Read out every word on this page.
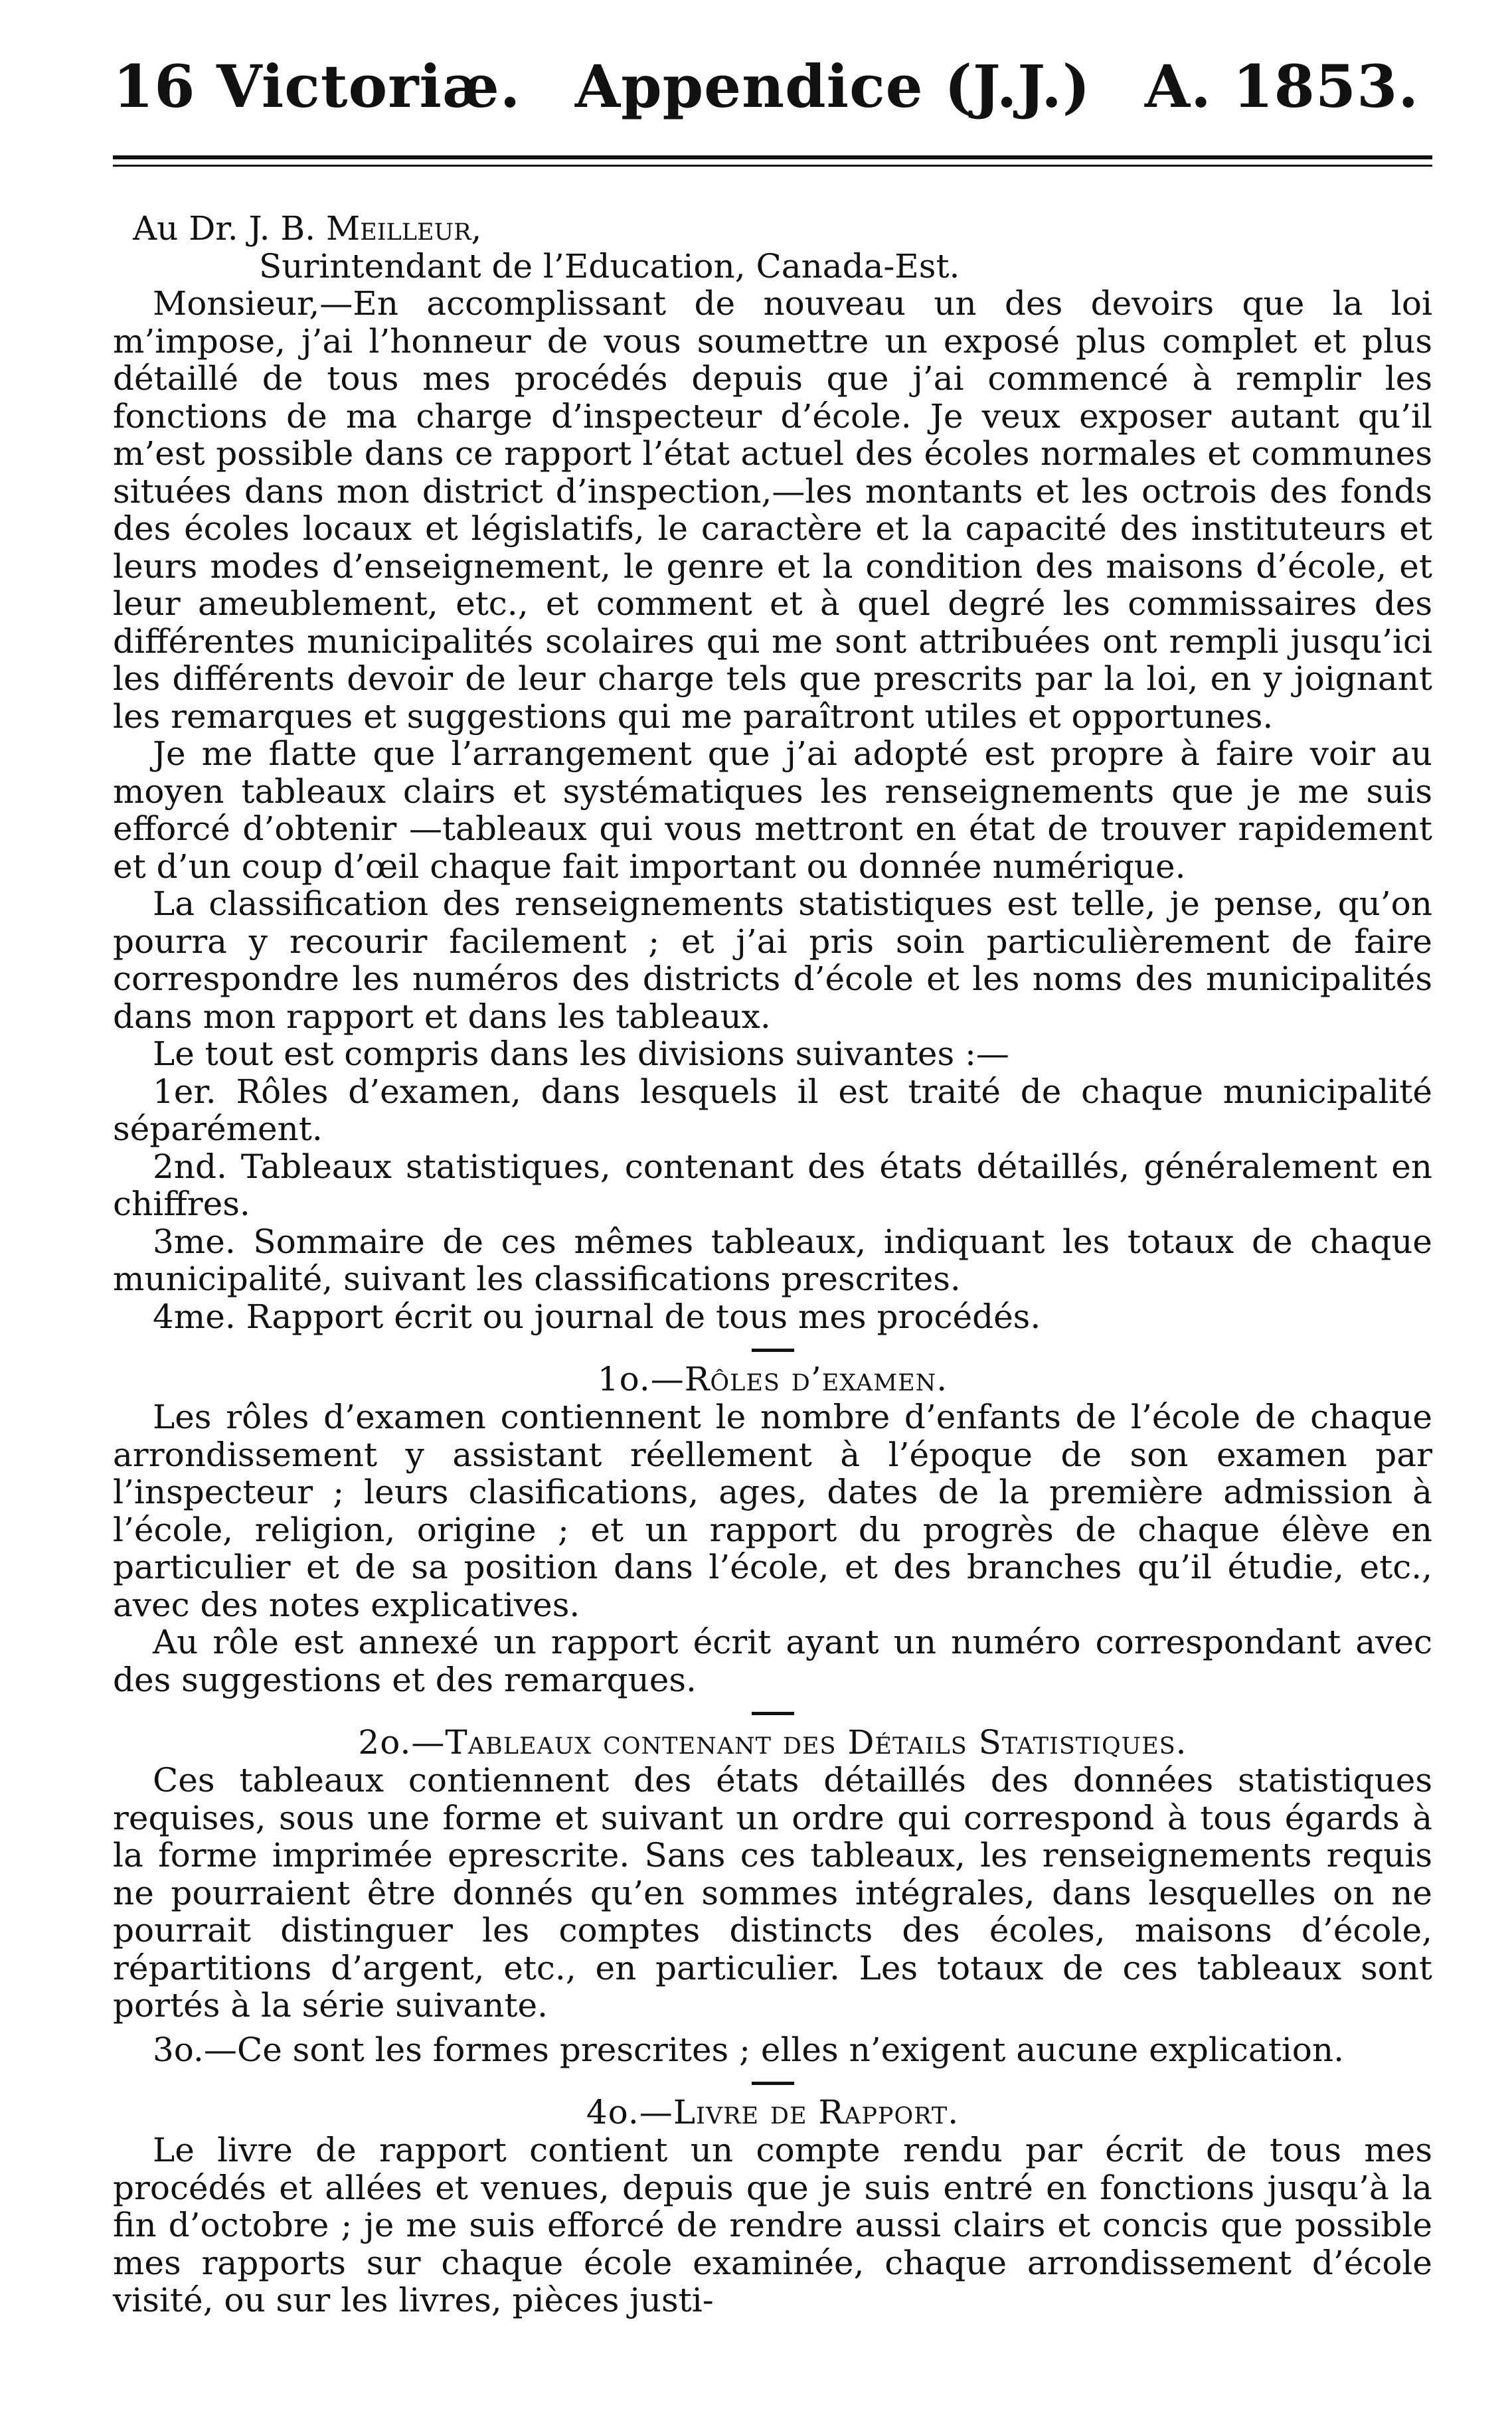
16 Victoriæ. Appendice (J.J.) A. 1853.
Au Dr. J. B. Meilleur,
Surintendant de l’Education, Canada-Est.

Monsieur,—En accomplissant de nouveau un des devoirs que la loi m’impose, j’ai l’honneur de vous soumettre un exposé plus complet et plus détaillé de tous mes procédés depuis que j’ai commencé à remplir les fonctions de ma charge d’inspecteur d’école. Je veux exposer autant qu’il m’est possible dans ce rapport l’état actuel des écoles normales et communes situées dans mon district d’inspection,—les montants et les octrois des fonds des écoles locaux et législatifs, le caractère et la capacité des instituteurs et leurs modes d’enseignement, le genre et la condition des maisons d’école, et leur ameublement, etc., et comment et à quel degré les commissaires des différentes municipalités scolaires qui me sont attribuées ont rempli jusqu’ici les différents devoir de leur charge tels que prescrits par la loi, en y joignant les remarques et suggestions qui me paraîtront utiles et opportunes.

Je me flatte que l’arrangement que j’ai adopté est propre à faire voir au moyen tableaux clairs et systématiques les renseignements que je me suis efforcé d’obtenir —tableaux qui vous mettront en état de trouver rapidement et d’un coup d’œil chaque fait important ou donnée numérique.

La classification des renseignements statistiques est telle, je pense, qu’on pourra y recourir facilement ; et j’ai pris soin particulièrement de faire correspondre les numéros des districts d’école et les noms des municipalités dans mon rapport et dans les tableaux.

Le tout est compris dans les divisions suivantes :—

1er. Rôles d’examen, dans lesquels il est traité de chaque municipalité séparément.

2nd. Tableaux statistiques, contenant des états détaillés, généralement en chiffres.

3me. Sommaire de ces mêmes tableaux, indiquant les totaux de chaque municipalité, suivant les classifications prescrites.

4me. Rapport écrit ou journal de tous mes procédés.

1o.—Rôles d’examen.

Les rôles d’examen contiennent le nombre d’enfants de l’école de chaque arrondissement y assistant réellement à l’époque de son examen par l’inspecteur ; leurs clasifications, ages, dates de la première admission à l’école, religion, origine ; et un rapport du progrès de chaque élève en particulier et de sa position dans l’école, et des branches qu’il étudie, etc., avec des notes explicatives.

Au rôle est annexé un rapport écrit ayant un numéro correspondant avec des suggestions et des remarques.

2o.—Tableaux contenant des Détails Statistiques.

Ces tableaux contiennent des états détaillés des données statistiques requises, sous une forme et suivant un ordre qui correspond à tous égards à la forme imprimée eprescrite. Sans ces tableaux, les renseignements requis ne pourraient être donnés qu’en sommes intégrales, dans lesquelles on ne pourrait distinguer les comptes distincts des écoles, maisons d’école, répartitions d’argent, etc., en particulier. Les totaux de ces tableaux sont portés à la série suivante.

3o.—Ce sont les formes prescrites ; elles n’exigent aucune explication.

4o.—Livre de Rapport.

Le livre de rapport contient un compte rendu par écrit de tous mes procédés et allées et venues, depuis que je suis entré en fonctions jusqu’à la fin d’octobre ; je me suis efforcé de rendre aussi clairs et concis que possible mes rapports sur chaque école examinée, chaque arrondissement d’école visité, ou sur les livres, pièces justi-
